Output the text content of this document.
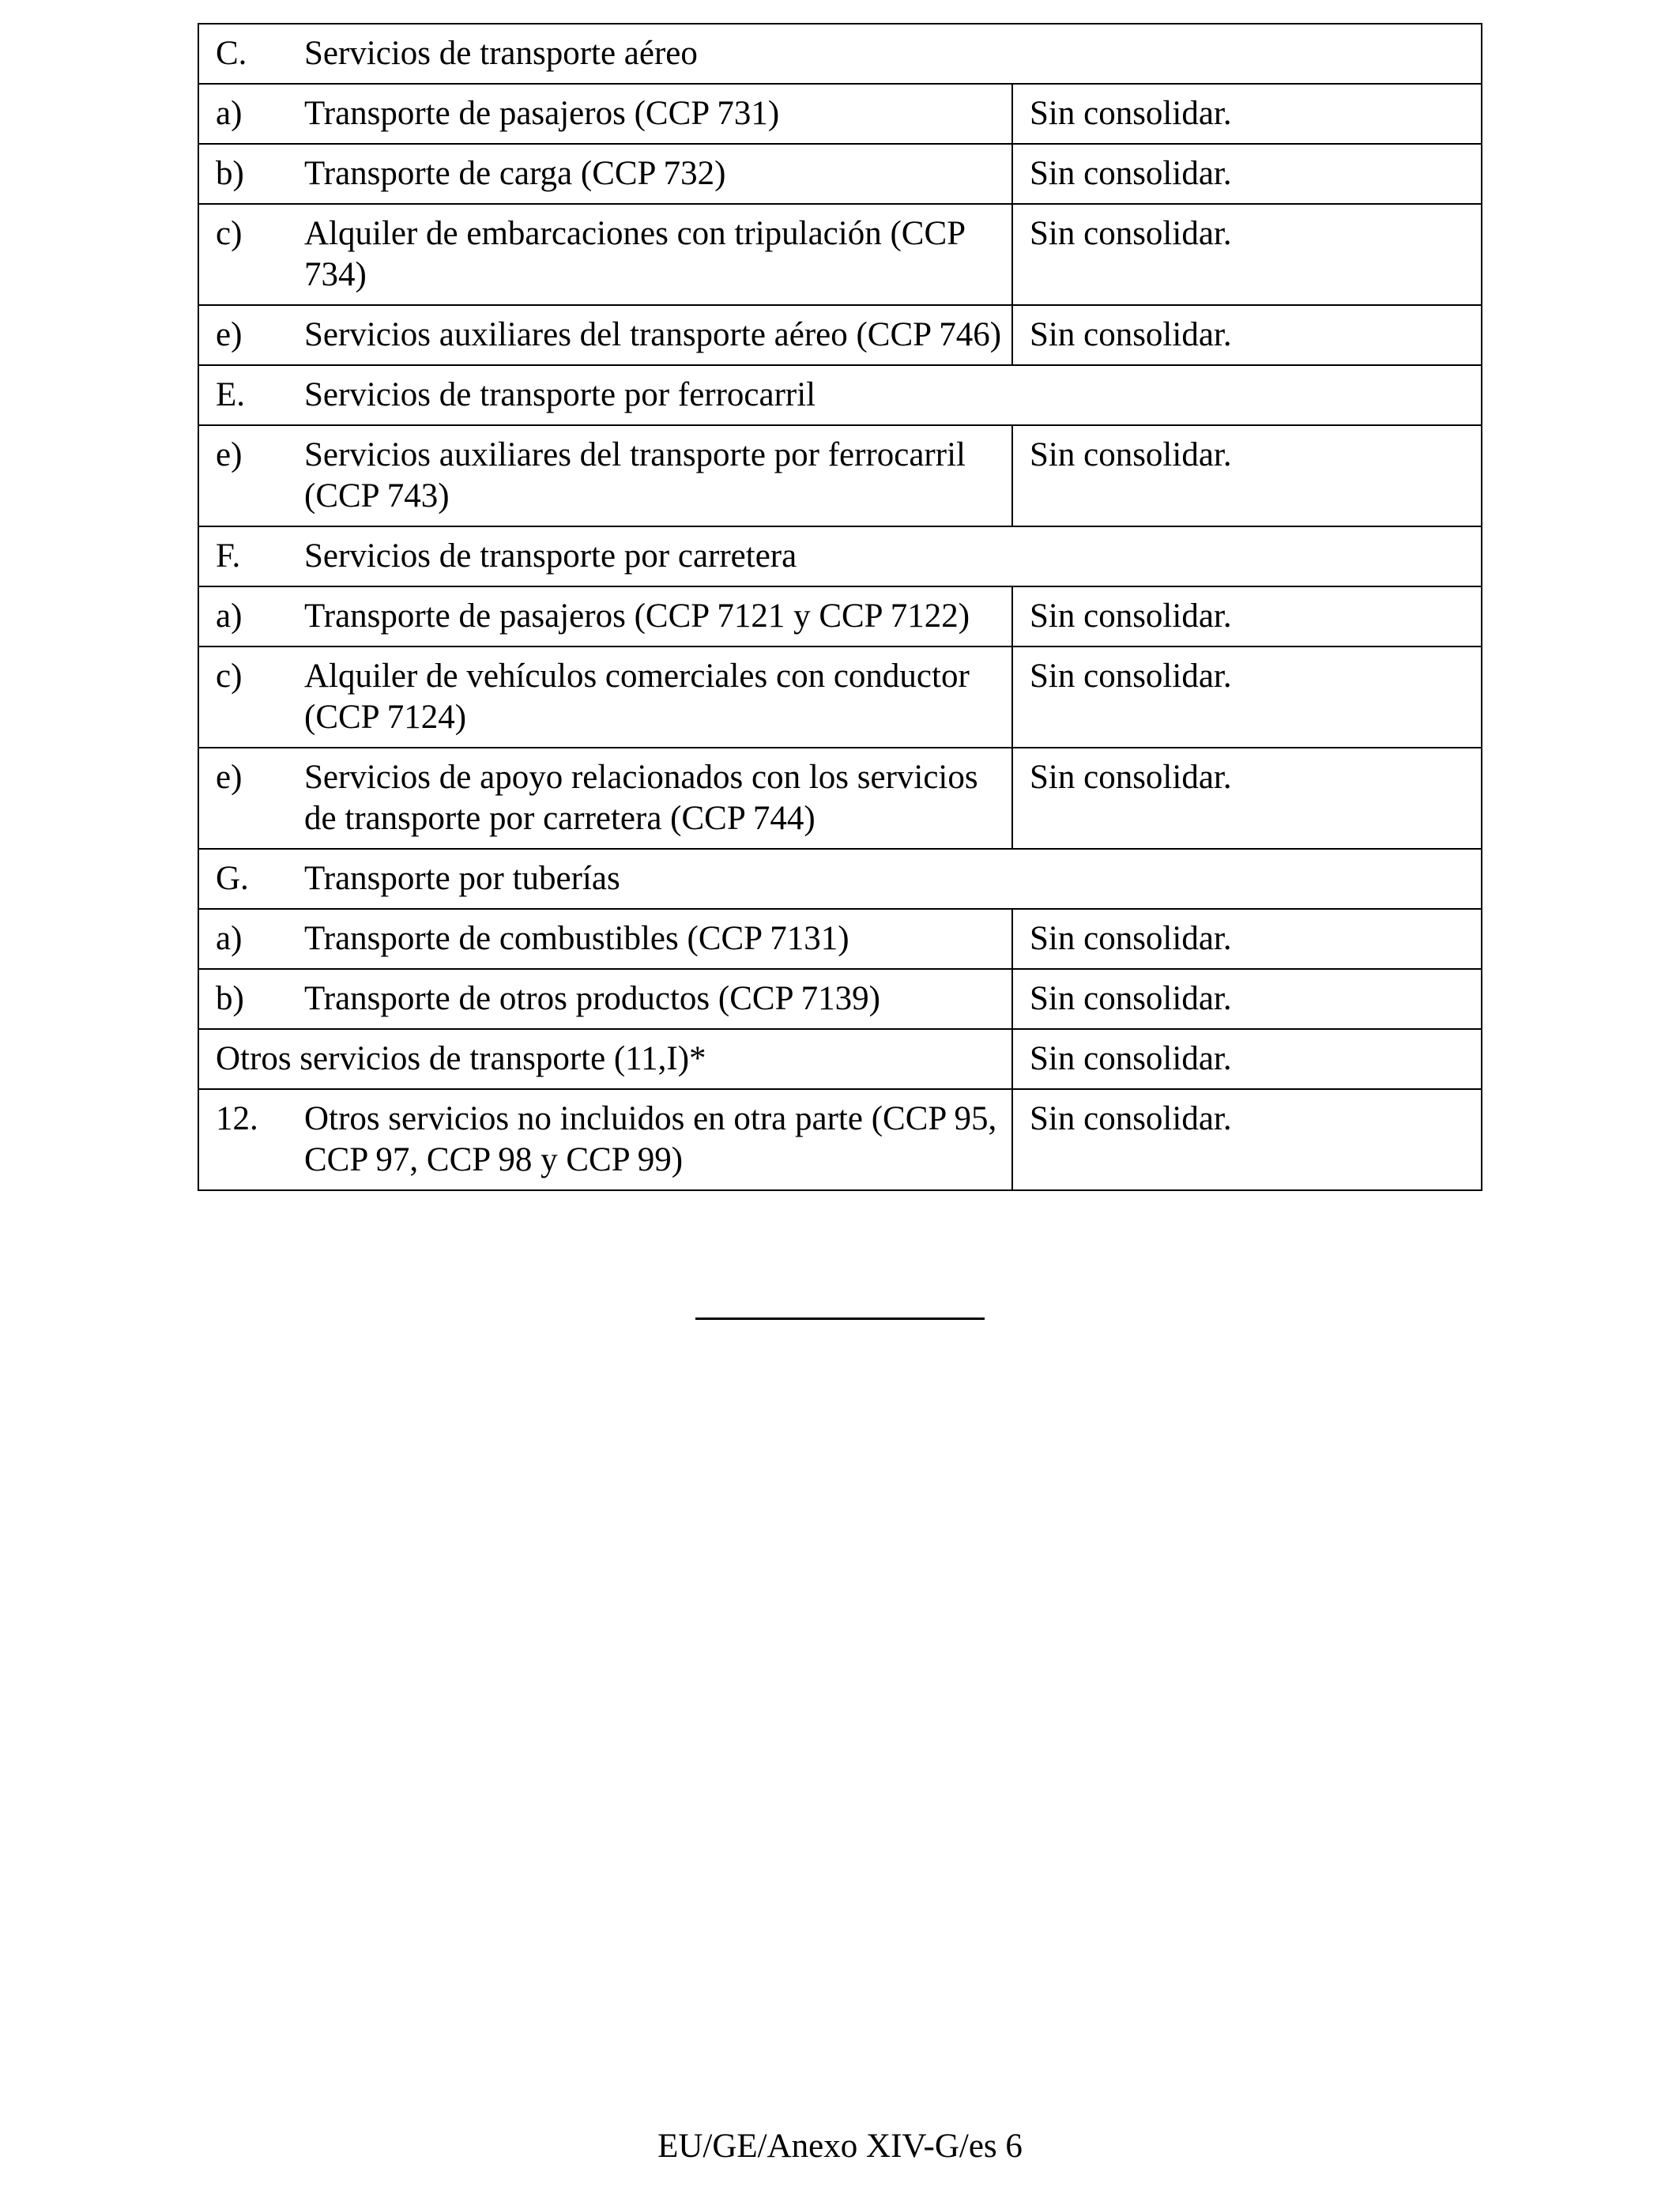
C. Servicios de transporte aéreo	

a) Transporte de pasajeros (CCP 731)	Sin consolidar.

b) Transporte de carga (CCP 732)	Sin consolidar.

c) Alquiler de embarcaciones con tripulación (CCP 734)	Sin consolidar.

e) Servicios auxiliares del transporte aéreo (CCP 746)	Sin consolidar.

E. Servicios de transporte por ferrocarril	

e) Servicios auxiliares del transporte por ferrocarril (CCP 743)	Sin consolidar.

F. Servicios de transporte por carretera	

a) Transporte de pasajeros (CCP 7121 y CCP 7122)	Sin consolidar.

c) Alquiler de vehículos comerciales con conductor (CCP 7124)	Sin consolidar.

e) Servicios de apoyo relacionados con los servicios de transporte por carretera (CCP 744)	Sin consolidar.

G. Transporte por tuberías	

a) Transporte de combustibles (CCP 7131)	Sin consolidar.

b) Transporte de otros productos (CCP 7139)	Sin consolidar.
Otros servicios de transporte (11,I)*	Sin consolidar.

12. Otros servicios no incluidos en otra parte (CCP 95, CCP 97, CCP 98 y CCP 99)	Sin consolidar.
EU/GE/Anexo XIV-G/es 6
